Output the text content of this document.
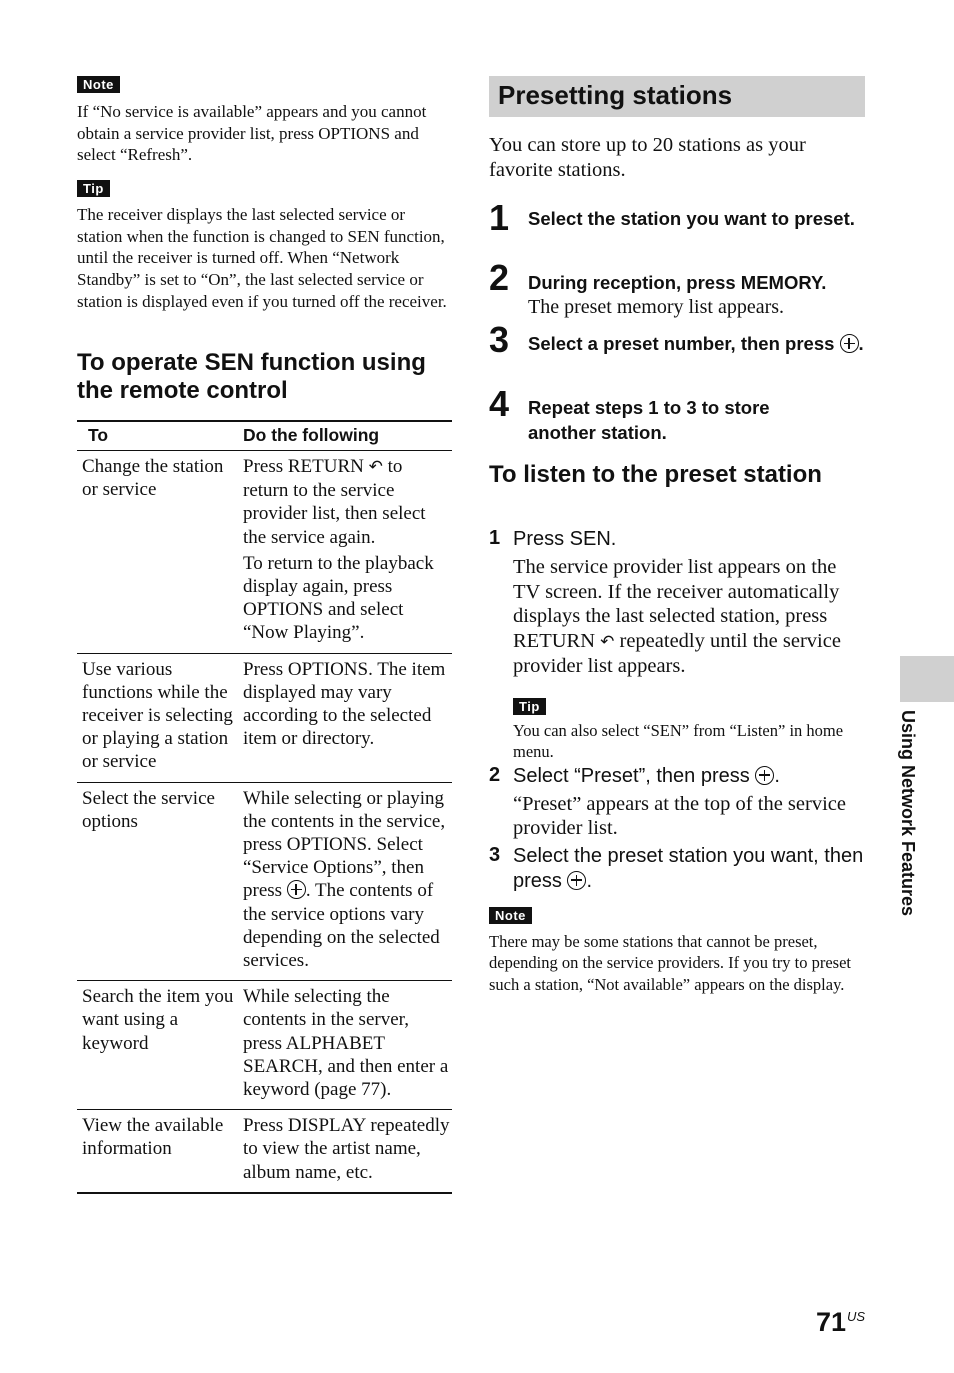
Note
If “No service is available” appears and you cannot obtain a service provider list, press OPTIONS and select “Refresh”.
Tip
The receiver displays the last selected service or station when the function is changed to SEN function, until the receiver is turned off. When “Network Standby” is set to “On”, the last selected service or station is displayed even if you turned off the receiver.
To operate SEN function using the remote control
To	Do the following
Change the station or service	Press RETURN ↶ to return to the service provider list, then select the service again.
To return to the playback display again, press OPTIONS and select “Now Playing”.

Use various functions while the receiver is selecting or playing a station or service	Press OPTIONS. The item displayed may vary according to the selected item or directory.
Select the service options	While selecting or playing the contents in the service, press OPTIONS. Select “Service Options”, then press . The contents of the service options vary depending on the selected services.
Search the item you want using a keyword	While selecting the contents in the server, press ALPHABET SEARCH, and then enter a keyword (page 77).
View the available information	Press DISPLAY repeatedly to view the artist name, album name, etc.
Presetting stations
You can store up to 20 stations as your favorite stations.
1 Select the station you want to preset.
2 During reception, press MEMORY.
The preset memory list appears.
3 Select a preset number, then press .
4 Repeat steps 1 to 3 to store another station.
To listen to the preset station
1 Press SEN.
The service provider list appears on the TV screen. If the receiver automatically displays the last selected station, press RETURN ↶ repeatedly until the service provider list appears.
Tip
You can also select “SEN” from “Listen” in home menu.
2 Select “Preset”, then press .
“Preset” appears at the top of the service provider list.
3 Select the preset station you want, then press .
Note
There may be some stations that cannot be preset, depending on the service providers. If you try to preset such a station, “Not available” appears on the display.
Using Network Features
$71^{US}$
